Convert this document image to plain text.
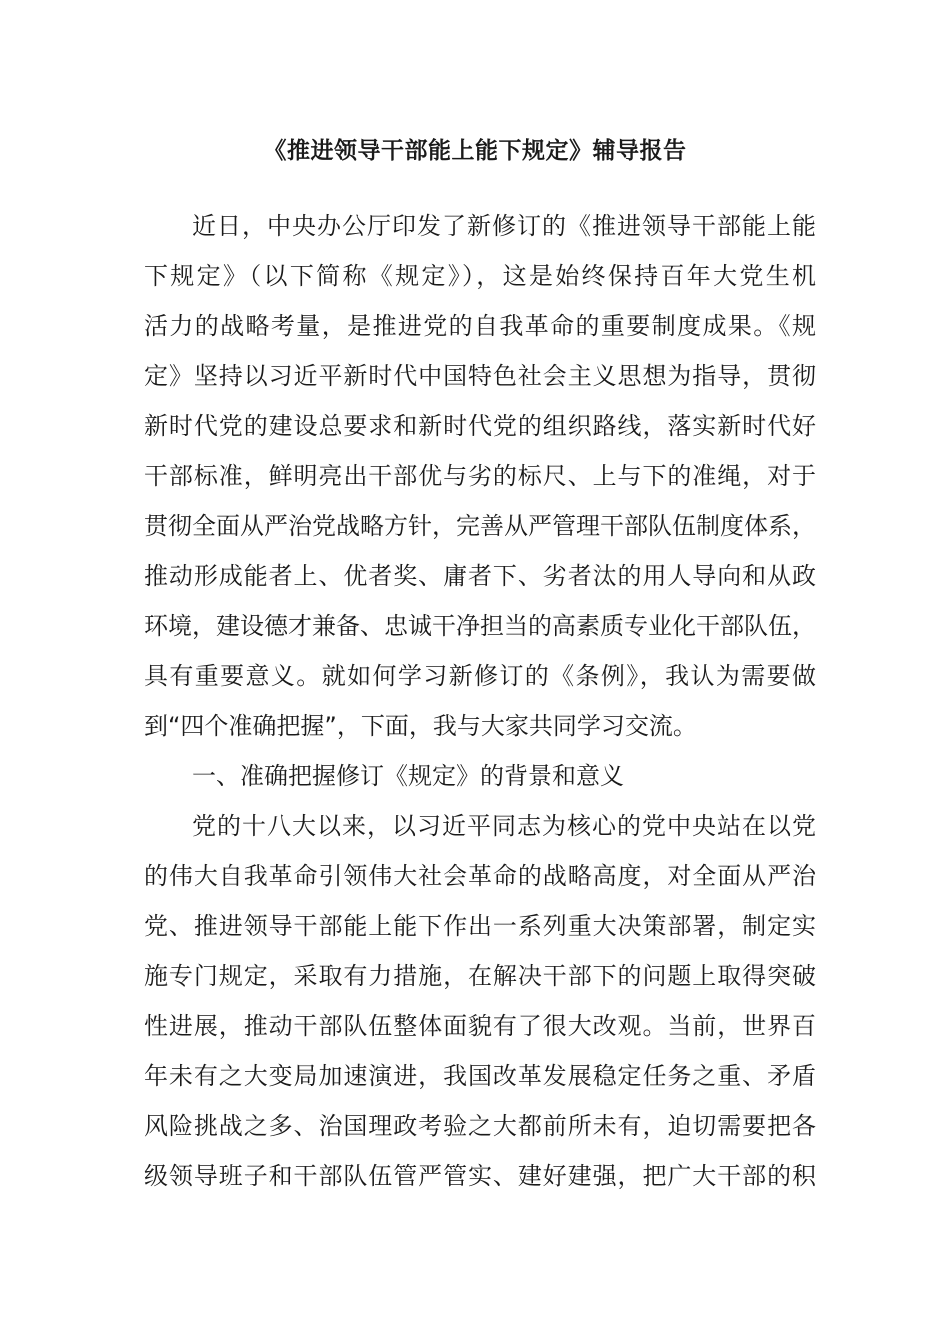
《推进领导干部能上能下规定》辅导报告
近日，中央办公厅印发了新修订的《推进领导干部能上能
下规定》（以下简称《规定》），这是始终保持百年大党生机
活力的战略考量，是推进党的自我革命的重要制度成果。《规
定》坚持以习近平新时代中国特色社会主义思想为指导，贯彻
新时代党的建设总要求和新时代党的组织路线，落实新时代好
干部标准，鲜明亮出干部优与劣的标尺、上与下的准绳，对于
贯彻全面从严治党战略方针，完善从严管理干部队伍制度体系，
推动形成能者上、优者奖、庸者下、劣者汰的用人导向和从政
环境，建设德才兼备、忠诚干净担当的高素质专业化干部队伍，
具有重要意义。就如何学习新修订的《条例》，我认为需要做
到“四个准确把握”，下面，我与大家共同学习交流。
一、准确把握修订《规定》的背景和意义
党的十八大以来，以习近平同志为核心的党中央站在以党
的伟大自我革命引领伟大社会革命的战略高度，对全面从严治
党、推进领导干部能上能下作出一系列重大决策部署，制定实
施专门规定，采取有力措施，在解决干部下的问题上取得突破
性进展，推动干部队伍整体面貌有了很大改观。当前，世界百
年未有之大变局加速演进，我国改革发展稳定任务之重、矛盾
风险挑战之多、治国理政考验之大都前所未有，迫切需要把各
级领导班子和干部队伍管严管实、建好建强，把广大干部的积
